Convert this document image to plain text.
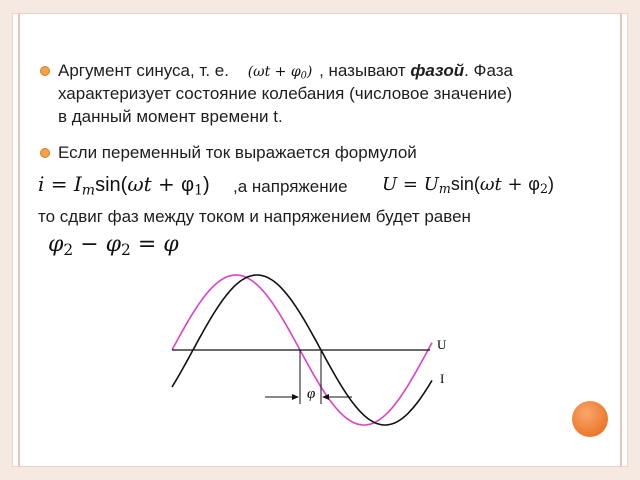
Аргумент синуса, т. е. $(\omega t + \varphi_0)$ , называют фазой. Фаза
характеризует состояние колебания (числовое значение)
в данный момент времени t.
Если переменный ток выражается формулой
$i = I_m\sin(\omega t + \varphi_1)$ ,а напряжение $U = U_m\sin(\omega t + \varphi_2)$
то сдвиг фаз между током и напряжением будет равен
$\varphi_2 - \varphi_2 = \varphi$
φ
U
I
